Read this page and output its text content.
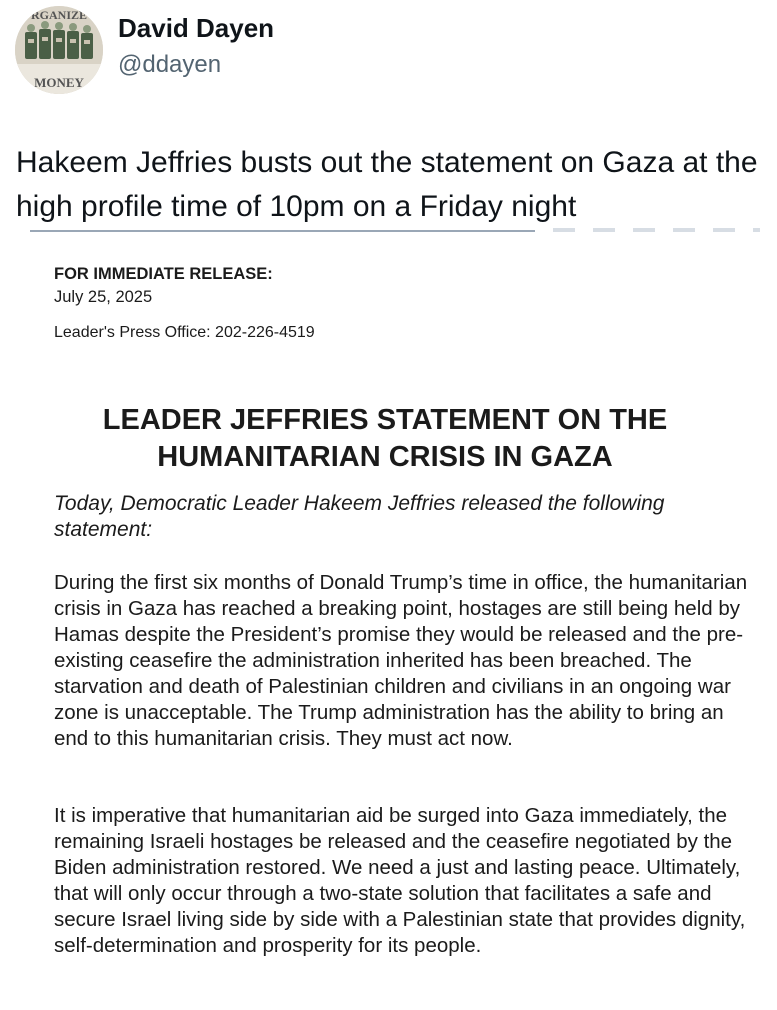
RGANIZE
MONEY
David Dayen
@ddayen
Hakeem Jeffries busts out the statement on Gaza at the high profile time of 10pm on a Friday night
FOR IMMEDIATE RELEASE:
July 25, 2025
Leader's Press Office: 202-226-4519
LEADER JEFFRIES STATEMENT ON THE HUMANITARIAN CRISIS IN GAZA
Today, Democratic Leader Hakeem Jeffries released the following statement:
During the first six months of Donald Trump’s time in office, the humanitarian crisis in Gaza has reached a breaking point, hostages are still being held by Hamas despite the President’s promise they would be released and the pre-existing ceasefire the administration inherited has been breached. The starvation and death of Palestinian children and civilians in an ongoing war zone is unacceptable. The Trump administration has the ability to bring an end to this humanitarian crisis. They must act now.
It is imperative that humanitarian aid be surged into Gaza immediately, the remaining Israeli hostages be released and the ceasefire negotiated by the Biden administration restored. We need a just and lasting peace. Ultimately, that will only occur through a two-state solution that facilitates a safe and secure Israel living side by side with a Palestinian state that provides dignity, self-determination and prosperity for its people.
